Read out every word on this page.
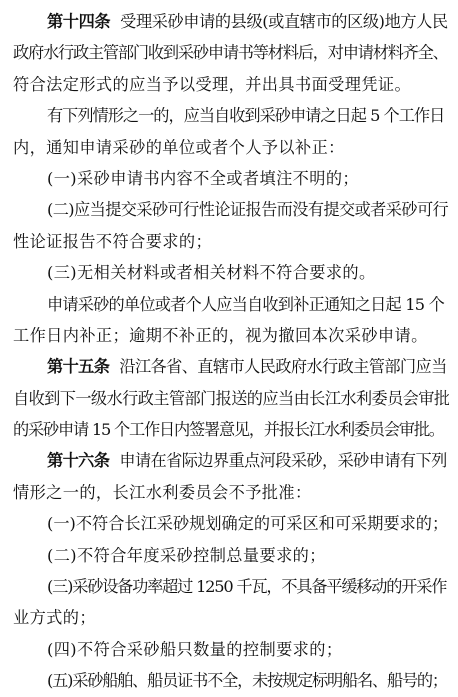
第十四条 受理采砂申请的县级(或直辖市的区级)地方人民
政府水行政主管部门收到采砂申请书等材料后，对申请材料齐全、
符合法定形式的应当予以受理，并出具书面受理凭证。
有下列情形之一的，应当自收到采砂申请之日起 5 个工作日
内，通知申请采砂的单位或者个人予以补正：
(一)采砂申请书内容不全或者填注不明的；
(二)应当提交采砂可行性论证报告而没有提交或者采砂可行
性论证报告不符合要求的；
(三)无相关材料或者相关材料不符合要求的。
申请采砂的单位或者个人应当自收到补正通知之日起 15 个
工作日内补正；逾期不补正的，视为撤回本次采砂申请。
第十五条 沿江各省、直辖市人民政府水行政主管部门应当
自收到下一级水行政主管部门报送的应当由长江水利委员会审批
的采砂申请 15 个工作日内签署意见，并报长江水利委员会审批。
第十六条 申请在省际边界重点河段采砂，采砂申请有下列
情形之一的，长江水利委员会不予批准：
(一)不符合长江采砂规划确定的可采区和可采期要求的；
(二)不符合年度采砂控制总量要求的；
(三)采砂设备功率超过 1250 千瓦，不具备平缓移动的开采作
业方式的；
(四)不符合采砂船只数量的控制要求的；
(五)采砂船舶、船员证书不全，未按规定标明船名、船号的；
